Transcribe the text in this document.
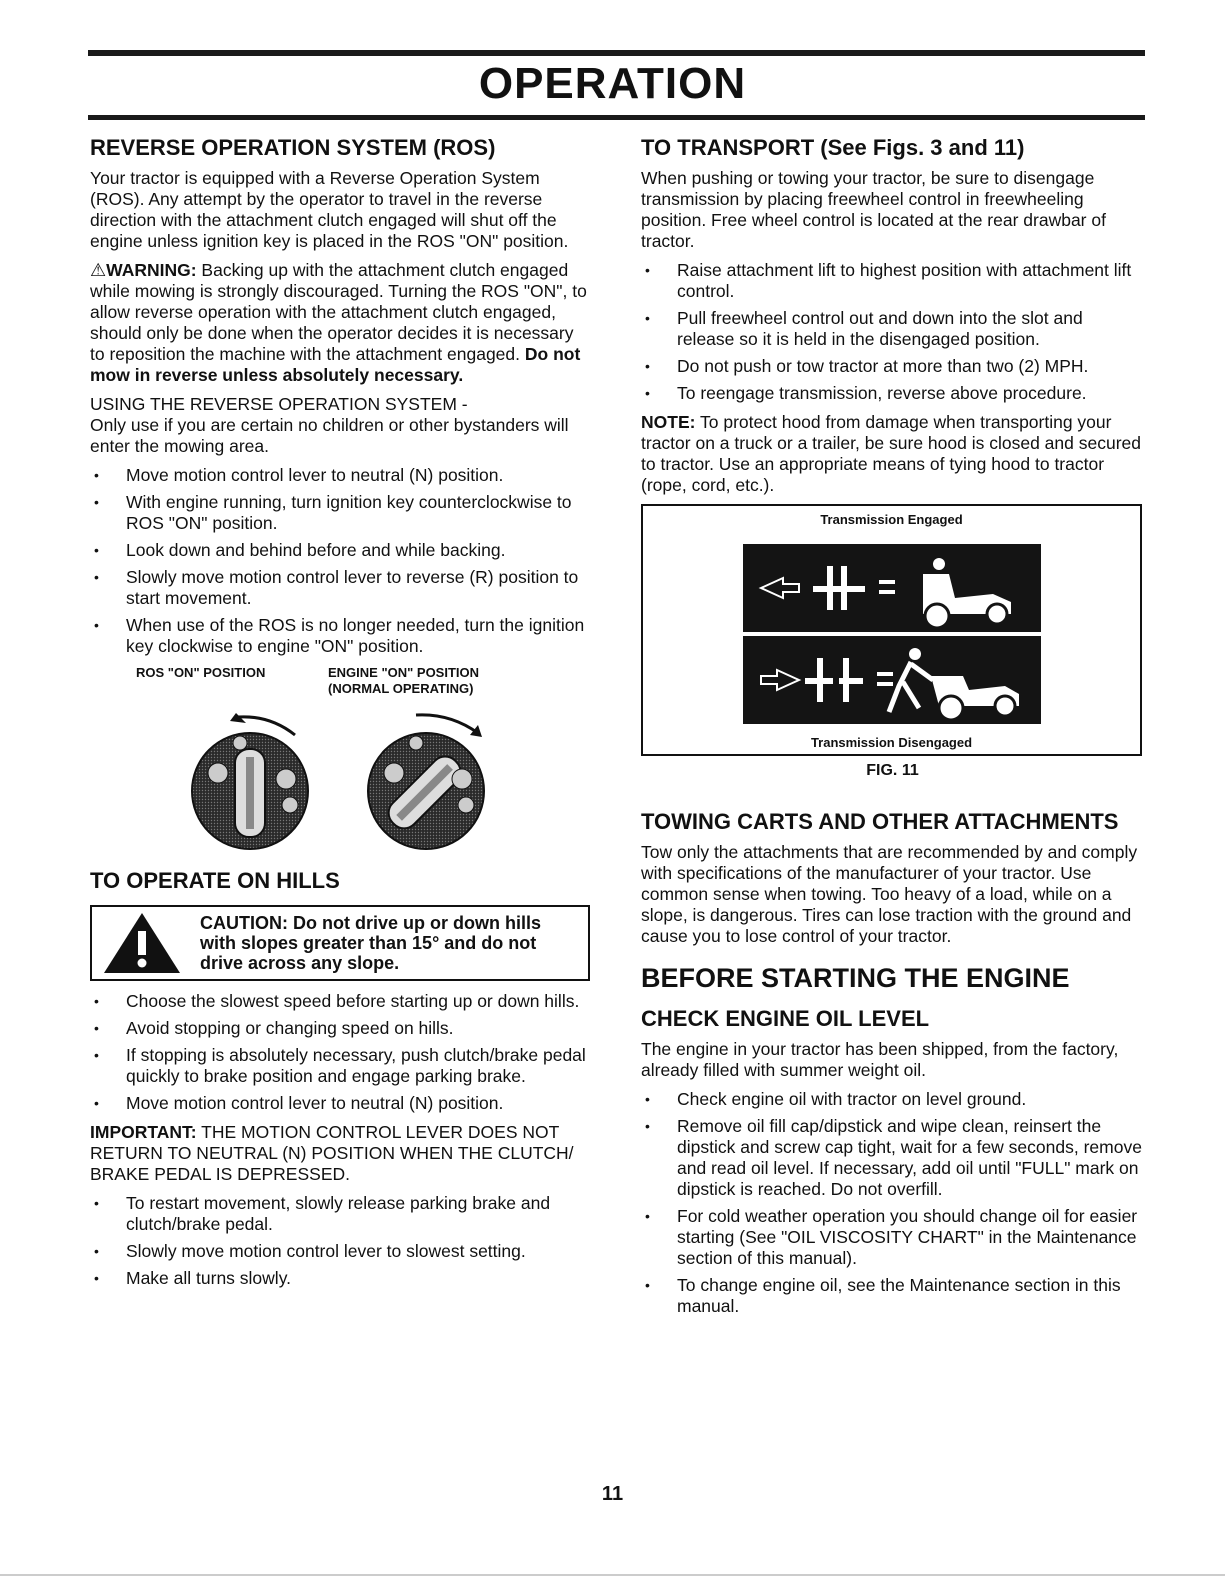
OPERATION
REVERSE OPERATION SYSTEM (ROS)

Your tractor is equipped with a Reverse Operation System (ROS). Any attempt by the operator to travel in the reverse direction with the attachment clutch engaged will shut off the engine unless ignition key is placed in the ROS "ON" position.

⚠WARNING: Backing up with the attachment clutch engaged while mowing is strongly discouraged. Turning the ROS "ON", to allow reverse operation with the attachment clutch engaged, should only be done when the operator decides it is necessary to reposition the machine with the attachment engaged. Do not mow in reverse unless absolutely necessary.

USING THE REVERSE OPERATION SYSTEM -

Only use if you are certain no children or other bystanders will enter the mowing area.

• Move motion control lever to neutral (N) position.
• With engine running, turn ignition key counterclockwise to ROS "ON" position.
• Look down and behind before and while backing.
• Slowly move motion control lever to reverse (R) position to start movement.
• When use of the ROS is no longer needed, turn the ignition key clockwise to engine "ON" position.
ROS "ON" POSITION	ENGINE "ON" POSITION
(NORMAL OPERATING)
TO OPERATE ON HILLS
CAUTION: Do not drive up or down hills with slopes greater than 15° and do not drive across any slope.
• Choose the slowest speed before starting up or down hills.
• Avoid stopping or changing speed on hills.
• If stopping is absolutely necessary, push clutch/brake pedal quickly to brake position and engage parking brake.
• Move motion control lever to neutral (N) position.

IMPORTANT: THE MOTION CONTROL LEVER DOES NOT RETURN TO NEUTRAL (N) POSITION WHEN THE CLUTCH/ BRAKE PEDAL IS DEPRESSED.

• To restart movement, slowly release parking brake and clutch/brake pedal.
• Slowly move motion control lever to slowest setting.
• Make all turns slowly.
TO TRANSPORT (See Figs. 3 and 11)

When pushing or towing your tractor, be sure to disengage transmission by placing freewheel control in freewheeling position. Free wheel control is located at the rear drawbar of tractor.

• Raise attachment lift to highest position with attachment lift control.
• Pull freewheel control out and down into the slot and release so it is held in the disengaged position.
• Do not push or tow tractor at more than two (2) MPH.
• To reengage transmission, reverse above procedure.

NOTE: To protect hood from damage when transporting your tractor on a truck or a trailer, be sure hood is closed and secured to tractor. Use an appropriate means of tying hood to tractor (rope, cord, etc.).

Transmission Engaged
Transmission Disengaged
FIG. 11
TOWING CARTS AND OTHER ATTACHMENTS

Tow only the attachments that are recommended by and comply with specifications of the manufacturer of your tractor. Use common sense when towing. Too heavy of a load, while on a slope, is dangerous. Tires can lose traction with the ground and cause you to lose control of your tractor.

BEFORE STARTING THE ENGINE
CHECK ENGINE OIL LEVEL

The engine in your tractor has been shipped, from the factory, already filled with summer weight oil.

• Check engine oil with tractor on level ground.
• Remove oil fill cap/dipstick and wipe clean, reinsert the dipstick and screw cap tight, wait for a few seconds, remove and read oil level. If necessary, add oil until "FULL" mark on dipstick is reached. Do not overfill.
• For cold weather operation you should change oil for easier starting (See "OIL VISCOSITY CHART" in the Maintenance section of this manual).
• To change engine oil, see the Maintenance section in this manual.
11
